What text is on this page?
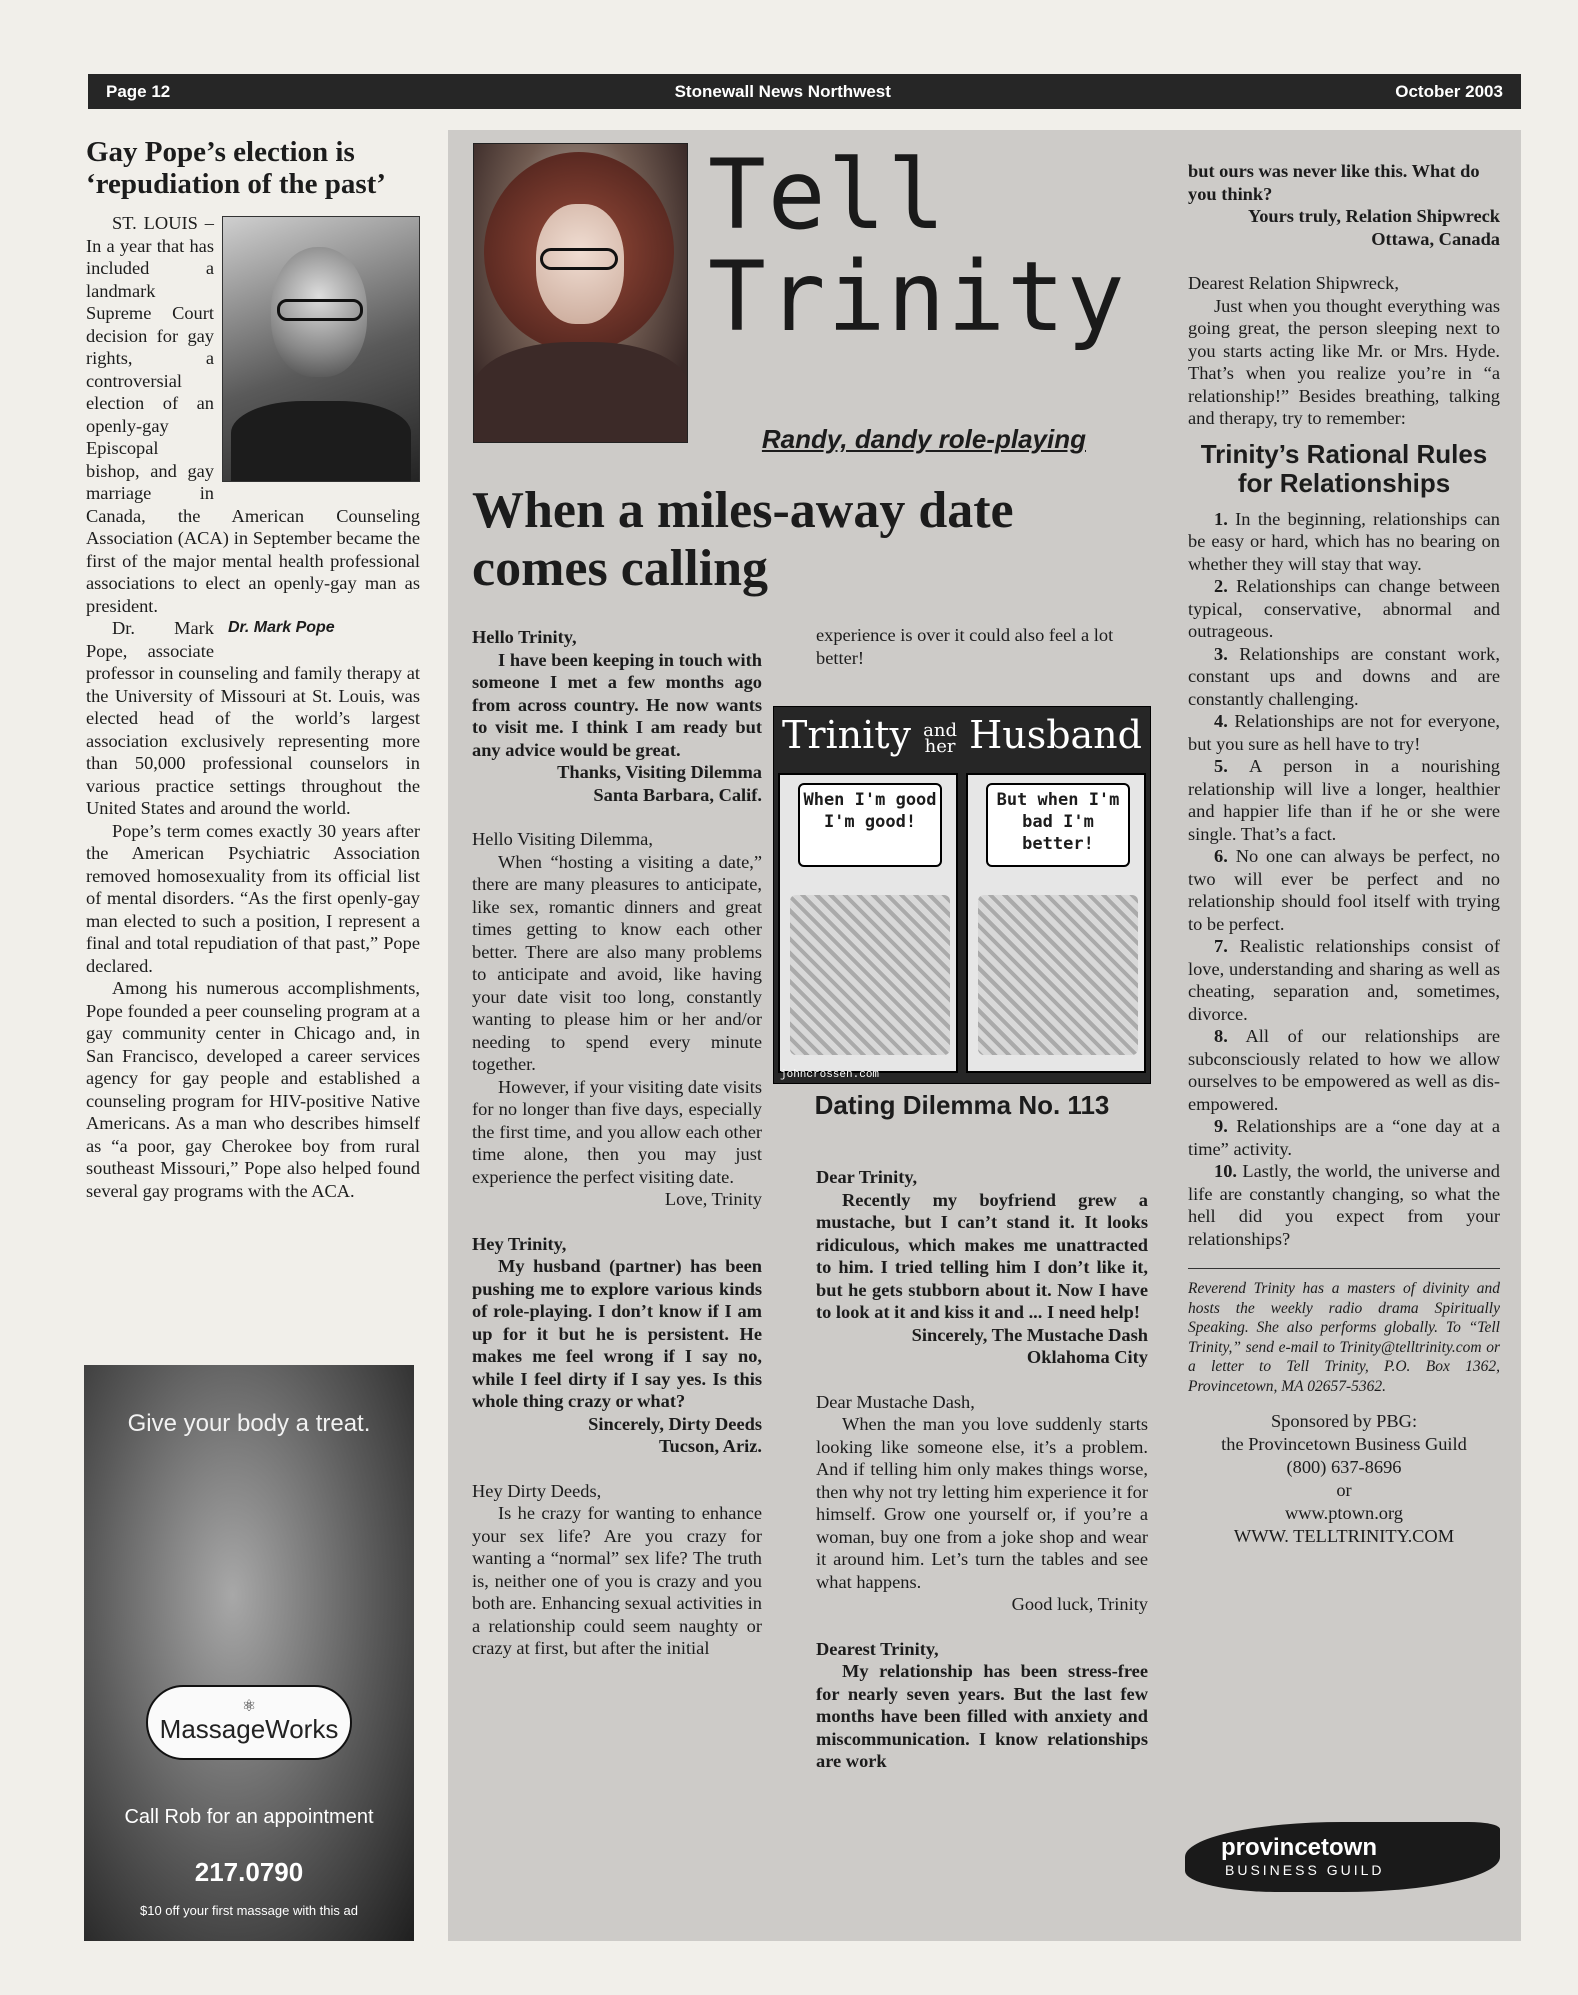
Page 12	Stonewall News Northwest	October 2003
Gay Pope’s election is ‘repudiation of the past’

ST. LOUIS – In a year that has included a landmark Supreme Court decision for gay rights, a controversial election of an openly-gay Episcopal bishop, and gay marriage in Canada, the American Counseling Association (ACA) in September became the first of the major mental health professional associations to elect an openly-gay man as president.

Dr. Mark Pope

Dr. Mark Pope, associate professor in counseling and family therapy at the University of Missouri at St. Louis, was elected head of the world’s largest association exclusively representing more than 50,000 professional counselors in various practice settings throughout the United States and around the world.

Pope’s term comes exactly 30 years after the American Psychiatric Association removed homosexuality from its official list of mental disorders. “As the first openly-gay man elected to such a position, I represent a final and total repudiation of that past,” Pope declared.

Among his numerous accomplishments, Pope founded a peer counseling program at a gay community center in Chicago and, in San Francisco, developed a career services agency for gay people and established a counseling program for HIV-positive Native Americans. As a man who describes himself as “a poor, gay Cherokee boy from rural southeast Missouri,” Pope also helped found several gay programs with the ACA.

Give your body a treat.
⚛
MassageWorks
Call Rob for an appointment
217.0790
$10 off your first massage with this ad
Tell
Trinity
Randy, dandy role-playing
When a miles-away date comes calling

Hello Trinity,

I have been keeping in touch with someone I met a few months ago from across country. He now wants to visit me. I think I am ready but any advice would be great.

Thanks, Visiting Dilemma

Santa Barbara, Calif.

Hello Visiting Dilemma,

When “hosting a visiting a date,” there are many pleasures to anticipate, like sex, romantic dinners and great times getting to know each other better. There are also many problems to anticipate and avoid, like having your date visit too long, constantly wanting to please him or her and/or needing to spend every minute together.

However, if your visiting date visits for no longer than five days, especially the first time, and you allow each other time alone, then you may just experience the perfect visiting date.

Love, Trinity

Hey Trinity,

My husband (partner) has been pushing me to explore various kinds of role-playing. I don’t know if I am up for it but he is persistent. He makes me feel wrong if I say no, while I feel dirty if I say yes. Is this whole thing crazy or what?

Sincerely, Dirty Deeds

Tucson, Ariz.

Hey Dirty Deeds,

Is he crazy for wanting to enhance your sex life? Are you crazy for wanting a “normal” sex life? The truth is, neither one of you is crazy and you both are. Enhancing sexual activities in a relationship could seem naughty or crazy at first, but after the initial

experience is over it could also feel a lot better!

Trinity and
her Husband
When I'm good I'm good!
But when I'm bad I'm better!
johncrossen.com
Dating Dilemma No. 113

Dear Trinity,

Recently my boyfriend grew a mustache, but I can’t stand it. It looks ridiculous, which makes me unattracted to him. I tried telling him I don’t like it, but he gets stubborn about it. Now I have to look at it and kiss it and ... I need help!

Sincerely, The Mustache Dash

Oklahoma City

Dear Mustache Dash,

When the man you love suddenly starts looking like someone else, it’s a problem. And if telling him only makes things worse, then why not try letting him experience it for himself. Grow one yourself or, if you’re a woman, buy one from a joke shop and wear it around him. Let’s turn the tables and see what happens.

Good luck, Trinity

Dearest Trinity,

My relationship has been stress-free for nearly seven years. But the last few months have been filled with anxiety and miscommunication. I know relationships are work

but ours was never like this. What do you think?

Yours truly, Relation Shipwreck

Ottawa, Canada

Dearest Relation Shipwreck,

Just when you thought everything was going great, the person sleeping next to you starts acting like Mr. or Mrs. Hyde. That’s when you realize you’re in “a relationship!” Besides breathing, talking and therapy, try to remember:

Trinity’s Rational Rules for Relationships

1. In the beginning, relationships can be easy or hard, which has no bearing on whether they will stay that way.

2. Relationships can change between typical, conservative, abnormal and outrageous.

3. Relationships are constant work, constant ups and downs and are constantly challenging.

4. Relationships are not for everyone, but you sure as hell have to try!

5. A person in a nourishing relationship will live a longer, healthier and happier life than if he or she were single. That’s a fact.

6. No one can always be perfect, no two will ever be perfect and no relationship should fool itself with trying to be perfect.

7. Realistic relationships consist of love, understanding and sharing as well as cheating, separation and, sometimes, divorce.

8. All of our relationships are subconsciously related to how we allow ourselves to be empowered as well as dis-empowered.

9. Relationships are a “one day at a time” activity.

10. Lastly, the world, the universe and life are constantly changing, so what the hell did you expect from your relationships?

Reverend Trinity has a masters of divinity and hosts the weekly radio drama Spiritually Speaking. She also performs globally. To “Tell Trinity,” send e-mail to Trinity@telltrinity.com or a letter to Tell Trinity, P.O. Box 1362, Provincetown, MA 02657-5362.
Sponsored by PBG:
the Provincetown Business Guild
(800) 637-8696
or
www.ptown.org
WWW. TELLTRINITY.COM
provincetown
BUSINESS GUILD
